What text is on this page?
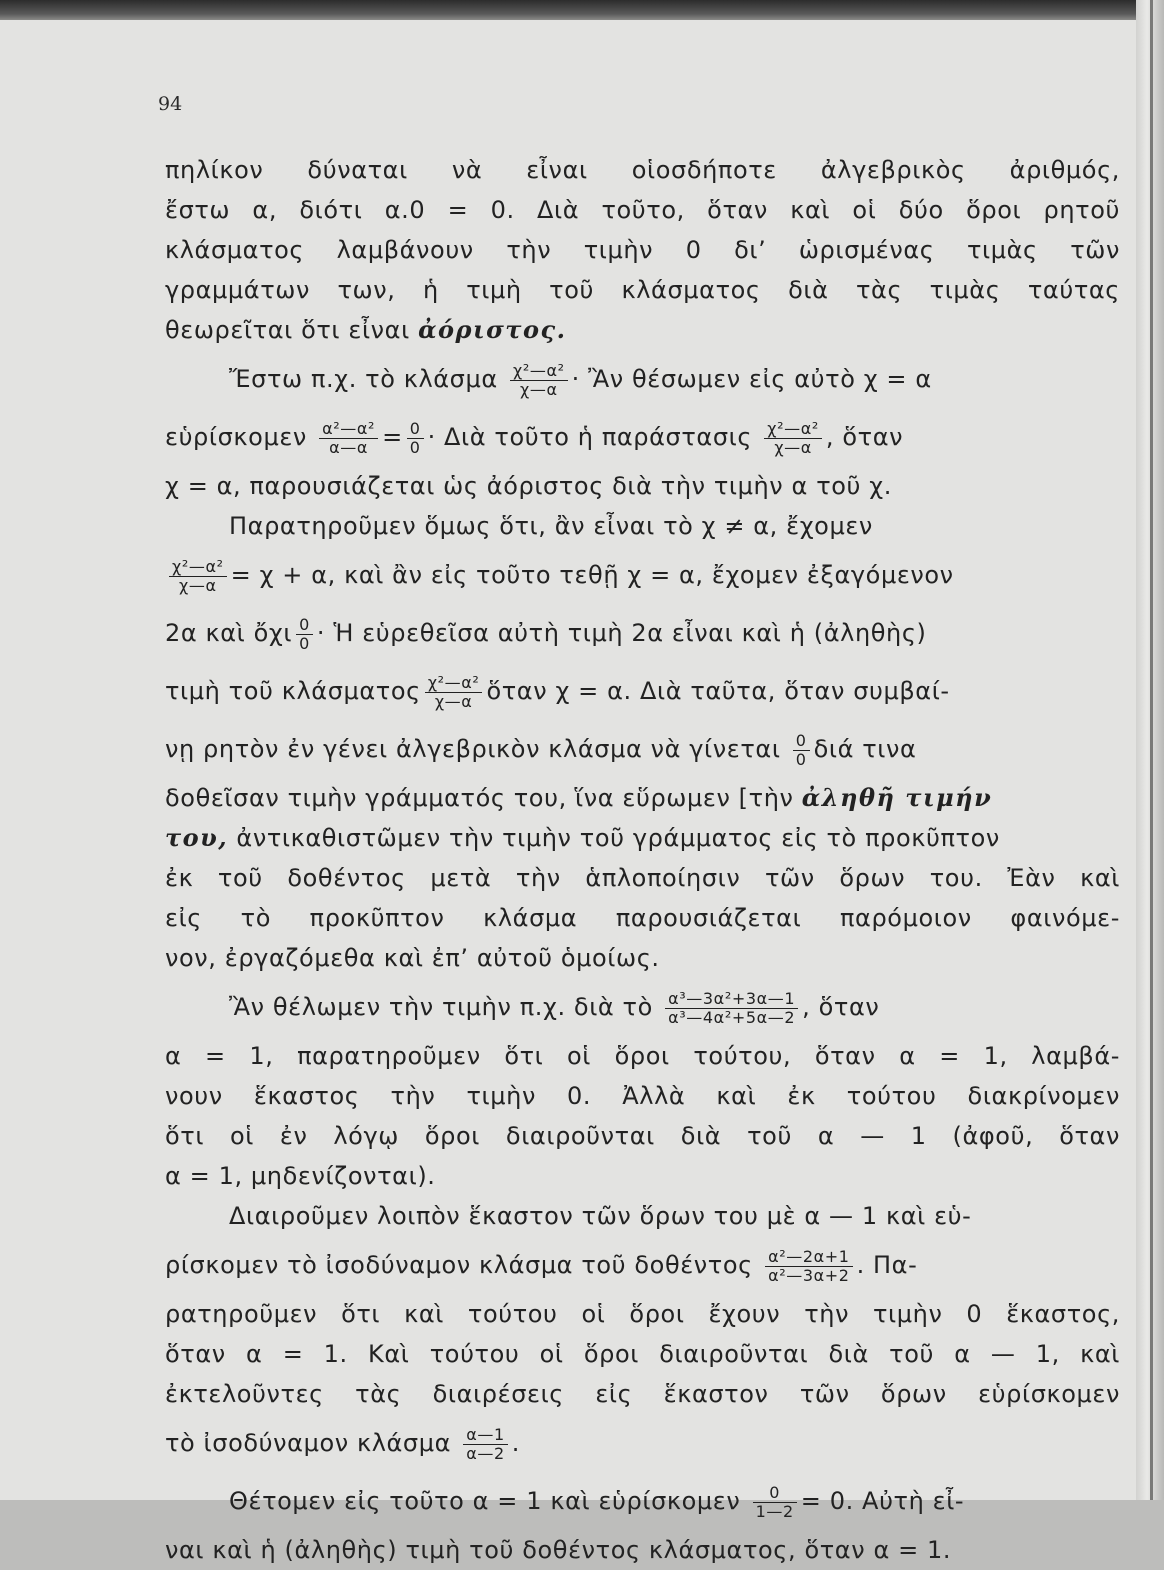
94
πηλίκον δύναται νὰ εἶναι οἱοσδήποτε ἀλγεβρικὸς ἀριθμός,
ἔστω α, διότι α.0 = 0. Διὰ τοῦτο, ὅταν καὶ οἱ δύο ὅροι ρητοῦ
κλάσματος λαμβάνουν τὴν τιμὴν 0 δι’ ὡρισμένας τιμὰς τῶν
γραμμάτων των, ἡ τιμὴ τοῦ κλάσματος διὰ τὰς τιμὰς ταύτας
θεωρεῖται ὅτι εἶναι ἀόριστος.
Ἔστω π.χ. τὸ κλάσμα $\frac{\text{χ²—α²}}{\chi—\alpha}$ · Ἂν θέσωμεν εἰς αὐτὸ χ = α
εὑρίσκομεν $\frac{\text{α²—α²}}{\alpha—\alpha} = \frac{0}{0}$ · Διὰ τοῦτο ἡ παράστασις $\frac{\text{χ²—α²}}{\chi—\alpha}$ , ὅταν
χ = α, παρουσιάζεται ὡς ἀόριστος διὰ τὴν τιμὴν α τοῦ χ.
Παρατηροῦμεν ὅμως ὅτι, ἂν εἶναι τὸ χ ≠ α, ἔχομεν
$\frac{\text{χ²—α²}}{\chi—\alpha} = \chi + \alpha$, καὶ ἂν εἰς τοῦτο τεθῇ χ = α, ἔχομεν ἐξαγόμενον
2α καὶ ὄχι $\frac{0}{0}$ · Ἡ εὑρεθεῖσα αὐτὴ τιμὴ 2α εἶναι καὶ ἡ (ἀληθὴς)
τιμὴ τοῦ κλάσματος $\frac{\text{χ²—α²}}{\chi—\alpha}$ ὅταν χ = α. Διὰ ταῦτα, ὅταν συμβαί-
νῃ ρητὸν ἐν γένει ἀλγεβρικὸν κλάσμα νὰ γίνεται $\frac{0}{0}$ διά τινα
δοθεῖσαν τιμὴν γράμματός του, ἵνα εὕρωμεν [τὴν ἀληθῆ τιμήν
του, ἀντικαθιστῶμεν τὴν τιμὴν τοῦ γράμματος εἰς τὸ προκῦπτον
ἐκ τοῦ δοθέντος μετὰ τὴν ἁπλοποίησιν τῶν ὅρων του. Ἐὰν καὶ
εἰς τὸ προκῦπτον κλάσμα παρουσιάζεται παρόμοιον φαινόμε-
νον, ἐργαζόμεθα καὶ ἐπ’ αὐτοῦ ὁμοίως.
Ἂν θέλωμεν τὴν τιμὴν π.χ. διὰ τὸ $\frac{\text{α³—3α²+3α—1}}{\text{α³—4α²+5α—2}}$ , ὅταν
α = 1, παρατηροῦμεν ὅτι οἱ ὅροι τούτου, ὅταν α = 1, λαμβά-
νουν ἕκαστος τὴν τιμὴν 0. Ἀλλὰ καὶ ἐκ τούτου διακρίνομεν
ὅτι οἱ ἐν λόγῳ ὅροι διαιροῦνται διὰ τοῦ α — 1 (ἀφοῦ, ὅταν
α = 1, μηδενίζονται).
Διαιροῦμεν λοιπὸν ἕκαστον τῶν ὅρων του μὲ α — 1 καὶ εὑ-
ρίσκομεν τὸ ἰσοδύναμον κλάσμα τοῦ δοθέντος $\frac{\text{α²—2α+1}}{\text{α²—3α+2}}$ . Πα-
ρατηροῦμεν ὅτι καὶ τούτου οἱ ὅροι ἔχουν τὴν τιμὴν 0 ἕκαστος,
ὅταν α = 1. Καὶ τούτου οἱ ὅροι διαιροῦνται διὰ τοῦ α — 1, καὶ
ἐκτελοῦντες τὰς διαιρέσεις εἰς ἕκαστον τῶν ὅρων εὑρίσκομεν
τὸ ἰσοδύναμον κλάσμα $\frac{\alpha—1}{\alpha—2}$ .
Θέτομεν εἰς τοῦτο α = 1 καὶ εὑρίσκομεν $\frac{0}{1—2} = 0$. Αὐτὴ εἶ-
ναι καὶ ἡ (ἀληθὴς) τιμὴ τοῦ δοθέντος κλάσματος, ὅταν α = 1.
